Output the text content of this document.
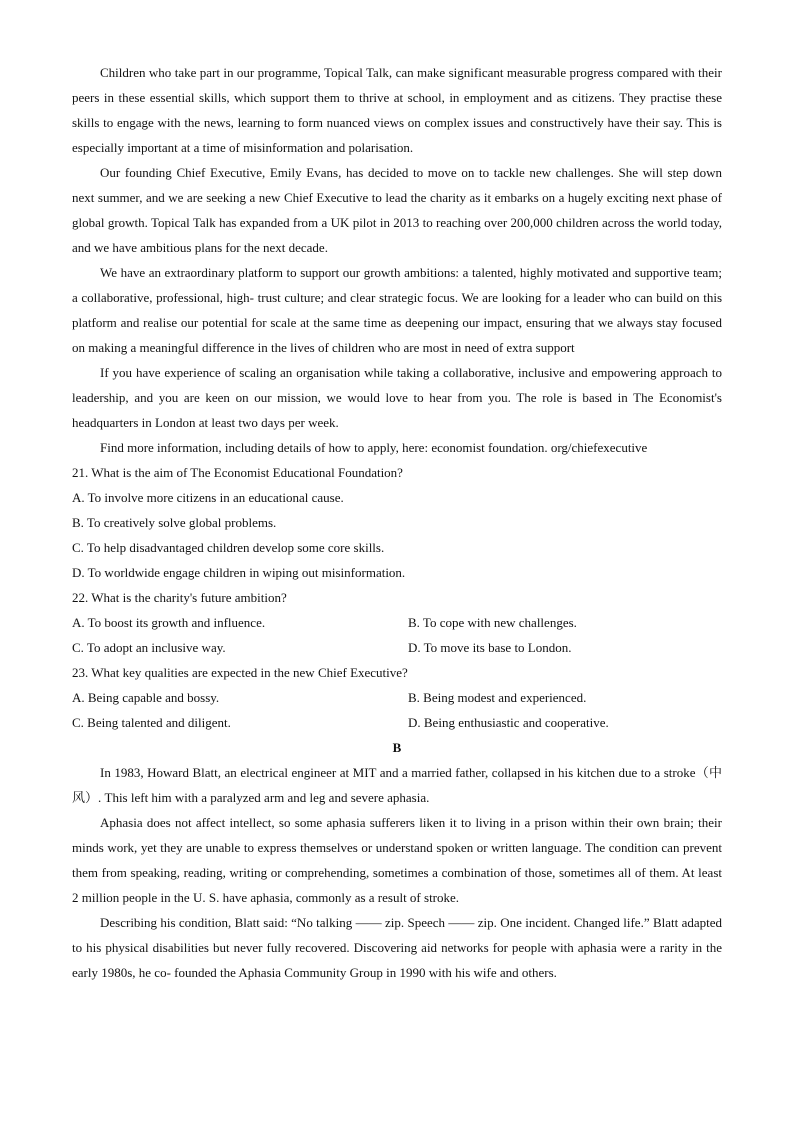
Children who take part in our programme, Topical Talk, can make significant measurable progress compared with their peers in these essential skills, which support them to thrive at school, in employment and as citizens. They practise these skills to engage with the news, learning to form nuanced views on complex issues and constructively have their say. This is especially important at a time of misinformation and polarisation.

Our founding Chief Executive, Emily Evans, has decided to move on to tackle new challenges. She will step down next summer, and we are seeking a new Chief Executive to lead the charity as it embarks on a hugely exciting next phase of global growth. Topical Talk has expanded from a UK pilot in 2013 to reaching over 200,000 children across the world today, and we have ambitious plans for the next decade.

We have an extraordinary platform to support our growth ambitions: a talented, highly motivated and supportive team; a collaborative, professional, high- trust culture; and clear strategic focus. We are looking for a leader who can build on this platform and realise our potential for scale at the same time as deepening our impact, ensuring that we always stay focused on making a meaningful difference in the lives of children who are most in need of extra support

If you have experience of scaling an organisation while taking a collaborative, inclusive and empowering approach to leadership, and you are keen on our mission, we would love to hear from you. The role is based in The Economist's headquarters in London at least two days per week.

Find more information, including details of how to apply, here: economist foundation. org/chiefexecutive

21. What is the aim of The Economist Educational Foundation?

A. To involve more citizens in an educational cause.

B. To creatively solve global problems.

C. To help disadvantaged children develop some core skills.

D. To worldwide engage children in wiping out misinformation.

22. What is the charity's future ambition?

A. To boost its growth and influence.	B. To cope with new challenges.

C. To adopt an inclusive way.	D. To move its base to London.

23. What key qualities are expected in the new Chief Executive?

A. Being capable and bossy.	B. Being modest and experienced.

C. Being talented and diligent.	D. Being enthusiastic and cooperative.

B

In 1983, Howard Blatt, an electrical engineer at MIT and a married father, collapsed in his kitchen due to a stroke（中风）. This left him with a paralyzed arm and leg and severe aphasia.

Aphasia does not affect intellect, so some aphasia sufferers liken it to living in a prison within their own brain; their minds work, yet they are unable to express themselves or understand spoken or written language. The condition can prevent them from speaking, reading, writing or comprehending, sometimes a combination of those, sometimes all of them. At least 2 million people in the U. S. have aphasia, commonly as a result of stroke.

Describing his condition, Blatt said: “No talking —— zip. Speech —— zip. One incident. Changed life.” Blatt adapted to his physical disabilities but never fully recovered. Discovering aid networks for people with aphasia were a rarity in the early 1980s, he co- founded the Aphasia Community Group in 1990 with his wife and others.
